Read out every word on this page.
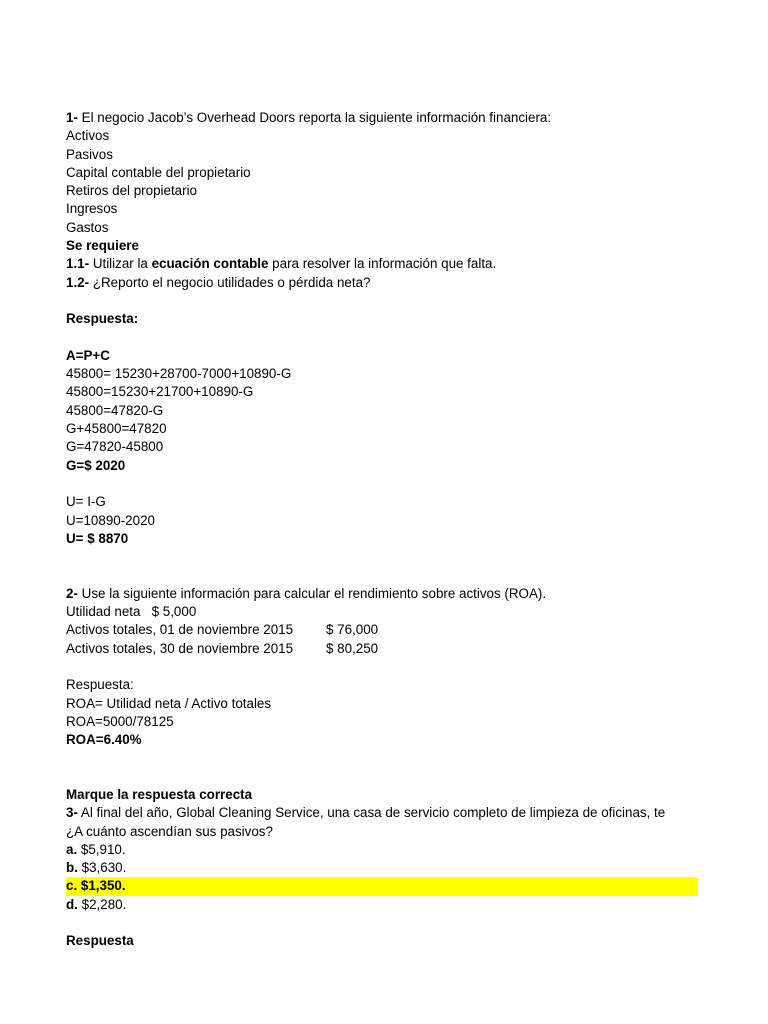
1- El negocio Jacob’s Overhead Doors reporta la siguiente información financiera:
Activos
Pasivos
Capital contable del propietario
Retiros del propietario
Ingresos
Gastos
Se requiere
1.1- Utilizar la ecuación contable para resolver la información que falta.
1.2- ¿Reporto el negocio utilidades o pérdida neta?
Respuesta:
A=P+C
45800= 15230+28700-7000+10890-G
45800=15230+21700+10890-G
45800=47820-G
G+45800=47820
G=47820-45800
G=$ 2020
U= I-G
U=10890-2020
U= $ 8870
2- Use la siguiente información para calcular el rendimiento sobre activos (ROA).
Utilidad neta   $ 5,000
Activos totales, 01 de noviembre 2015 $ 76,000
Activos totales, 30 de noviembre 2015 $ 80,250
Respuesta:
ROA= Utilidad neta / Activo totales
ROA=5000/78125
ROA=6.40%
Marque la respuesta correcta
3- Al final del año, Global Cleaning Service, una casa de servicio completo de limpieza de oficinas, te
¿A cuánto ascendían sus pasivos?
a. $5,910.
b. $3,630.
c. $1,350.
d. $2,280.
Respuesta
